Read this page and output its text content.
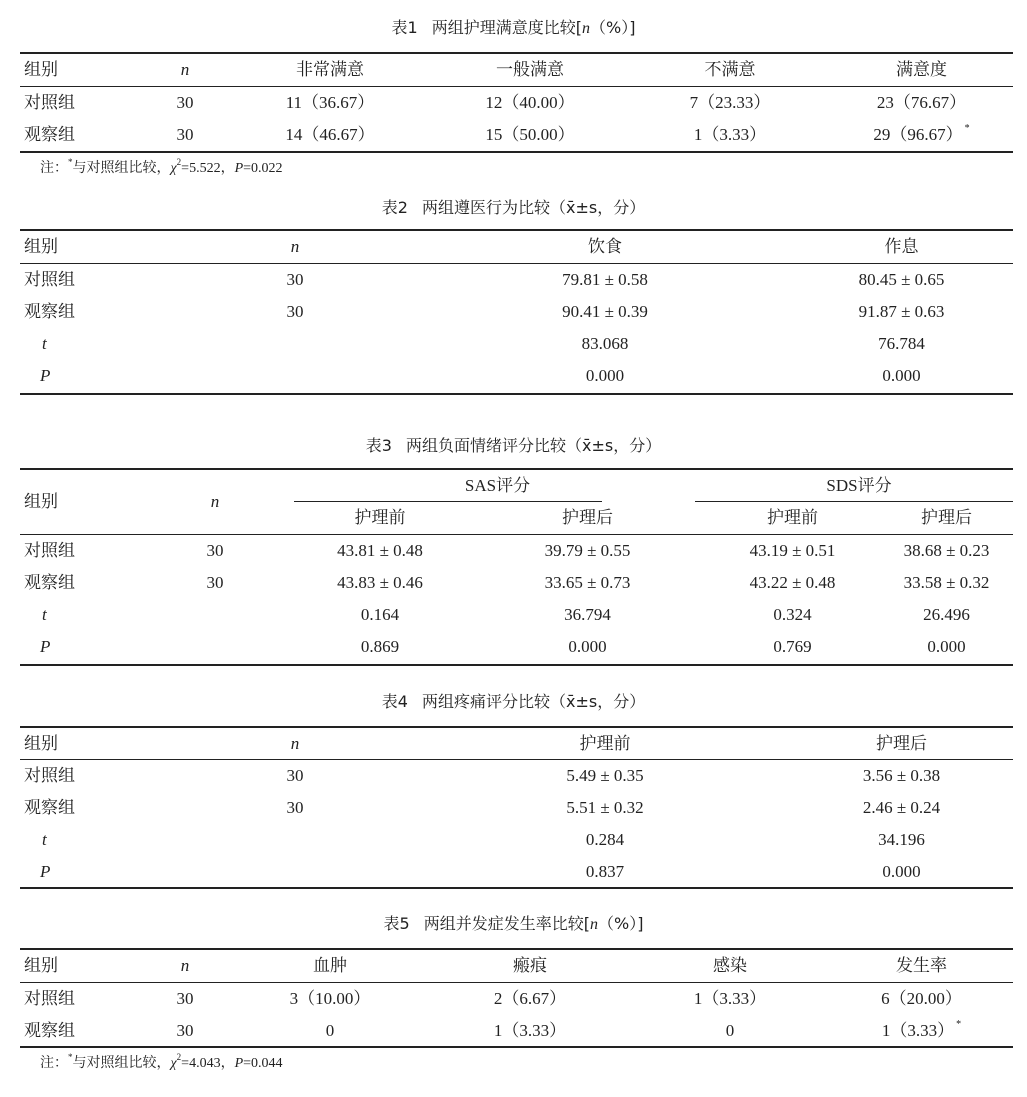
表1 两组护理满意度比较[n（%）]
组别	n	非常满意	一般满意	不满意	满意度
对照组	30	11（36.67）	12（40.00）	7（23.33）	23（76.67）
观察组	30	14（46.67）	15（50.00）	1（3.33）	29（96.67） *
注：*与对照组比较，$\chi^2=5.522$，P=0.022
表2 两组遵医行为比较（x̄±s，分）
组别	n	饮食	作息
对照组	30	79.81 ± 0.58	80.45 ± 0.65
观察组	30	90.41 ± 0.39	91.87 ± 0.63
t		83.068	76.784
P		0.000	0.000
表3 两组负面情绪评分比较（x̄±s，分）
组别	n	SAS评分		SDS评分	
		护理前	护理后	护理前	护理后
对照组	30	43.81 ± 0.48	39.79 ± 0.55	43.19 ± 0.51	38.68 ± 0.23
观察组	30	43.83 ± 0.46	33.65 ± 0.73	43.22 ± 0.48	33.58 ± 0.32
t		0.164	36.794	0.324	26.496
P		0.869	0.000	0.769	0.000
表4 两组疼痛评分比较（x̄±s，分）
组别	n	护理前	护理后
对照组	30	5.49 ± 0.35	3.56 ± 0.38
观察组	30	5.51 ± 0.32	2.46 ± 0.24
t		0.284	34.196
P		0.837	0.000
表5 两组并发症发生率比较[n（%）]
组别	n	血肿	瘢痕	感染	发生率
对照组	30	3（10.00）	2（6.67）	1（3.33）	6（20.00）
观察组	30	0	1（3.33）	0	1（3.33） *
注：*与对照组比较，$\chi^2=4.043$，P=0.044
